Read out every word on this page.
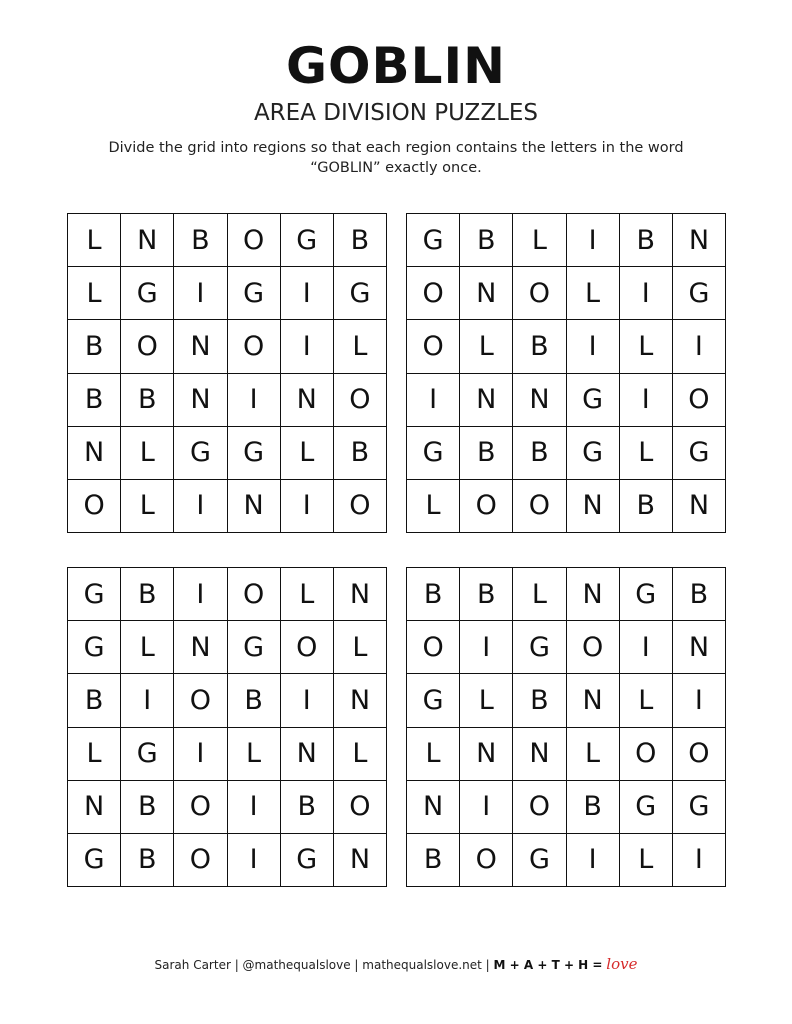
GOBLIN
AREA DIVISION PUZZLES
Divide the grid into regions so that each region contains the letters in the word “GOBLIN” exactly once.
L	N	B	O	G	B
L	G	I	G	I	G
B	O	N	O	I	L
B	B	N	I	N	O
N	L	G	G	L	B
O	L	I	N	I	O
G	B	L	I	B	N
O	N	O	L	I	G
O	L	B	I	L	I
I	N	N	G	I	O
G	B	B	G	L	G
L	O	O	N	B	N
G	B	I	O	L	N
G	L	N	G	O	L
B	I	O	B	I	N
L	G	I	L	N	L
N	B	O	I	B	O
G	B	O	I	G	N
B	B	L	N	G	B
O	I	G	O	I	N
G	L	B	N	L	I
L	N	N	L	O	O
N	I	O	B	G	G
B	O	G	I	L	I
Sarah Carter | @mathequalslove | mathequalslove.net | M + A + T + H = love
